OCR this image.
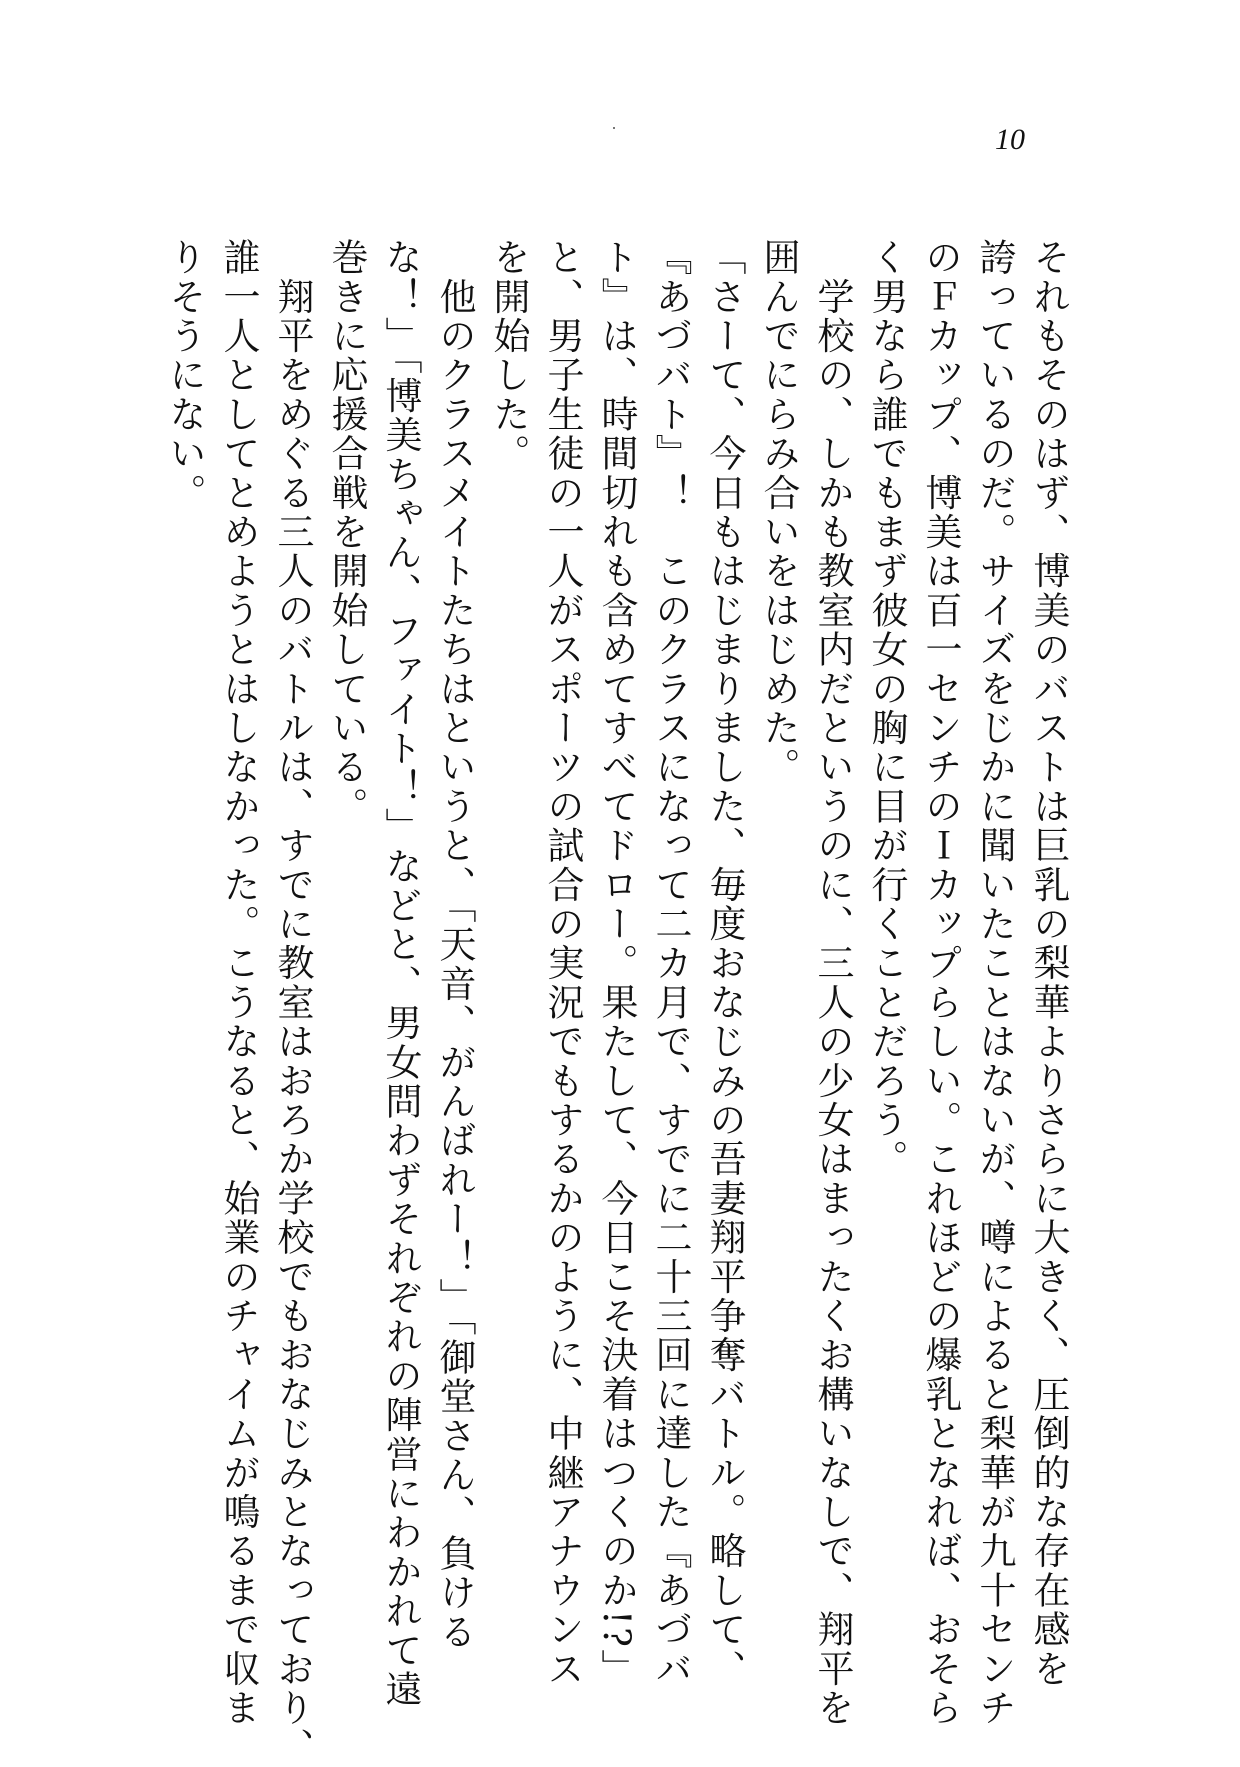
10
それもそのはず、博美のバストは巨乳の梨華よりさらに大きく、圧倒的な存在感を
誇っているのだ。サイズをじかに聞いたことはないが、噂によると梨華が九十センチ
のＦカップ、博美は百一センチのＩカップらしい。これほどの爆乳となれば、おそら
く男なら誰でもまず彼女の胸に目が行くことだろう。
　学校の、しかも教室内だというのに、三人の少女はまったくお構いなしで、翔平を
囲んでにらみ合いをはじめた。
「さーて、今日もはじまりました、毎度おなじみの吾妻翔平争奪バトル。略して、
『あづバト』！　このクラスになって二カ月で、すでに二十三回に達した『あづバ
ト』は、時間切れも含めてすべてドロー。果たして、今日こそ決着はつくのか!?」
と、男子生徒の一人がスポーツの試合の実況でもするかのように、中継アナウンス
を開始した。
　他のクラスメイトたちはというと、「天音、がんばれー！」「御堂さん、負ける
な！」「博美ちゃん、ファイト！」などと、男女問わずそれぞれの陣営にわかれて遠
巻きに応援合戦を開始している。
　翔平をめぐる三人のバトルは、すでに教室はおろか学校でもおなじみとなっており、
誰一人としてとめようとはしなかった。こうなると、始業のチャイムが鳴るまで収ま
りそうにない。
